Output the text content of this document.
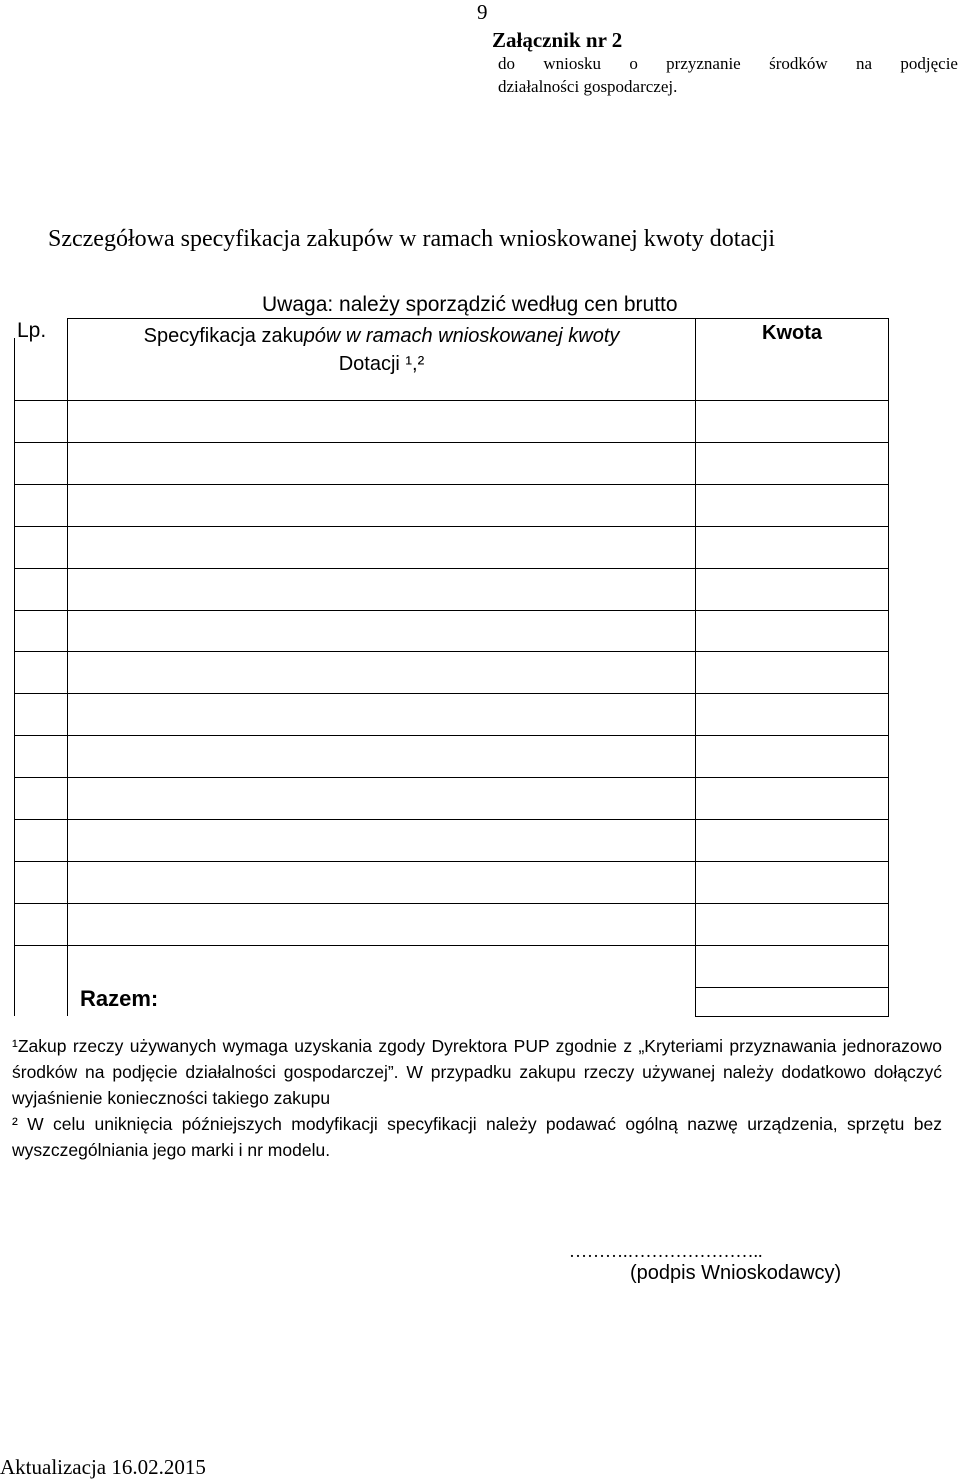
9
Załącznik nr 2
do wniosku o przyznanie środków na podjęcie
działalności gospodarczej.
Szczegółowa specyfikacja zakupów w ramach wnioskowanej kwoty dotacji
Uwaga: należy sporządzić według cen brutto
Lp.	Specyfikacja zakupów w ramach wnioskowanej kwoty
Dotacji ¹,²
Kwota
Razem:

¹Zakup rzeczy używanych wymaga uzyskania zgody Dyrektora PUP zgodnie z „Kryteriami przyznawania jednorazowo środków na podjęcie działalności gospodarczej”. W przypadku zakupu rzeczy używanej należy dodatkowo dołączyć wyjaśnienie konieczności takiego zakupu

² W celu uniknięcia późniejszych modyfikacji specyfikacji należy podawać ogólną nazwę urządzenia, sprzętu bez wyszczególniania jego marki i nr modelu.

……….…………………..
(podpis Wnioskodawcy)
Aktualizacja 16.02.2015
